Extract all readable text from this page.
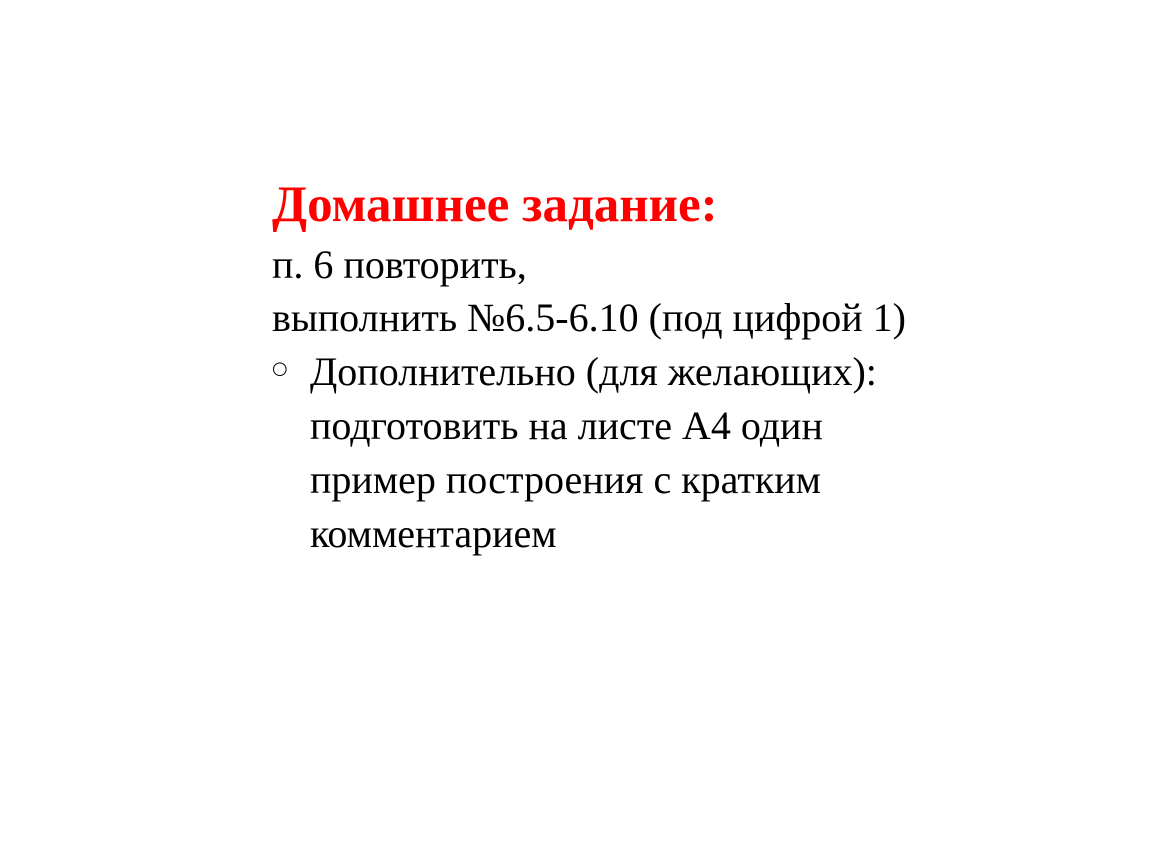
Домашнее задание:

п. 6 повторить,

выполнить №6.5-6.10 (под цифрой 1)

○ Дополнительно (для желающих):
подготовить на листе А4 один
пример построения с кратким
комментарием
